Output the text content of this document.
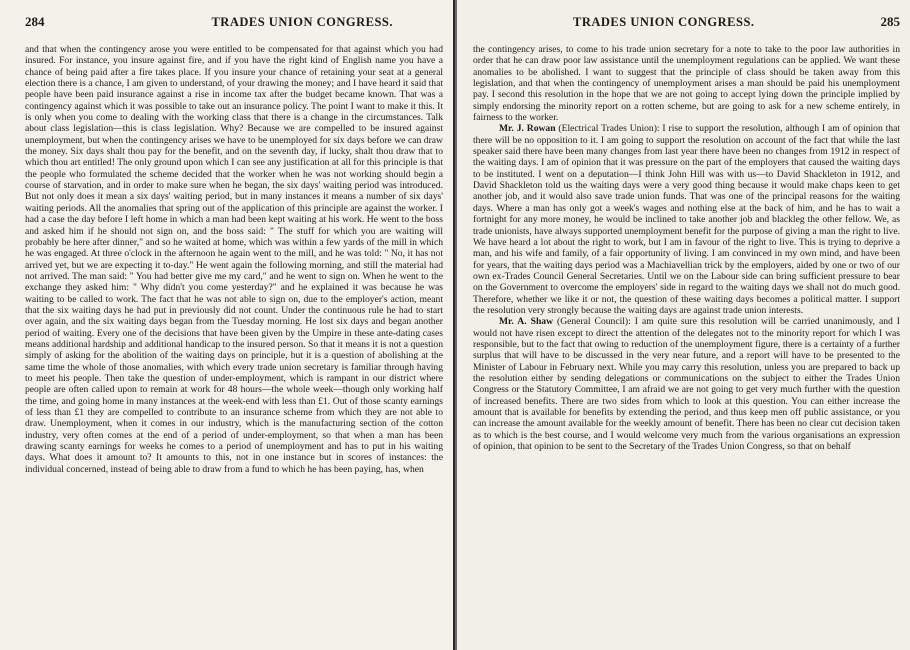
284	TRADES UNION CONGRESS.

and that when the contingency arose you were entitled to be compensated for that against which you had insured. For instance, you insure against fire, and if you have the right kind of English name you have a chance of being paid after a fire takes place. If you insure your chance of retaining your seat at a general election there is a chance, I am given to understand, of your drawing the money; and I have heard it said that people have been paid insurance against a rise in income tax after the budget became known. That was a contingency against which it was possible to take out an insurance policy. The point I want to make it this. It is only when you come to dealing with the working class that there is a change in the circumstances. Talk about class legislation—this is class legislation. Why? Because we are compelled to be insured against unemployment, but when the contingency arises we have to be unemployed for six days before we can draw the money. Six days shalt thou pay for the benefit, and on the seventh day, if lucky, shalt thou draw that to which thou art entitled! The only ground upon which I can see any justification at all for this principle is that the people who formulated the scheme decided that the worker when he was not working should begin a course of starvation, and in order to make sure when he began, the six days' waiting period was introduced. But not only does it mean a six days' waiting period, but in many instances it means a number of six days' waiting periods. All the anomalies that spring out of the application of this principle are against the worker. I had a case the day before I left home in which a man had been kept waiting at his work. He went to the boss and asked him if he should not sign on, and the boss said: " The stuff for which you are waiting will probably be here after dinner," and so he waited at home, which was within a few yards of the mill in which he was engaged. At three o'clock in the afternoon he again went to the mill, and he was told: " No, it has not arrived yet, but we are expecting it to-day." He went again the following morning, and still the material had not arrived. The man said: " You had better give me my card," and he went to sign on. When he went to the exchange they asked him: " Why didn't you come yesterday?" and he explained it was because he was waiting to be called to work. The fact that he was not able to sign on, due to the employer's action, meant that the six waiting days he had put in previously did not count. Under the continuous rule he had to start over again, and the six waiting days began from the Tuesday morning. He lost six days and began another period of waiting. Every one of the decisions that have been given by the Umpire in these ante-dating cases means additional hardship and additional handicap to the insured person. So that it means it is not a question simply of asking for the abolition of the waiting days on principle, but it is a question of abolishing at the same time the whole of those anomalies, with which every trade union secretary is familiar through having to meet his people. Then take the question of under-employment, which is rampant in our district where people are often called upon to remain at work for 48 hours—the whole week—though only working half the time, and going home in many instances at the week-end with less than £1. Out of those scanty earnings of less than £1 they are compelled to contribute to an insurance scheme from which they are not able to draw. Unemployment, when it comes in our industry, which is the manufacturing section of the cotton industry, very often comes at the end of a period of under-employment, so that when a man has been drawing scanty earnings for weeks he comes to a period of unemployment and has to put in his waiting days. What does it amount to? It amounts to this, not in one instance but in scores of instances: the individual concerned, instead of being able to draw from a fund to which he has been paying, has, when

TRADES UNION CONGRESS.	285

the contingency arises, to come to his trade union secretary for a note to take to the poor law authorities in order that he can draw poor law assistance until the unemployment regulations can be applied. We want these anomalies to be abolished. I want to suggest that the principle of class should be taken away from this legislation, and that when the contingency of unemployment arises a man should be paid his unemployment pay. I second this resolution in the hope that we are not going to accept lying down the principle implied by simply endorsing the minority report on a rotten scheme, but are going to ask for a new scheme entirely, in fairness to the worker.

Mr. J. Rowan (Electrical Trades Union): I rise to support the resolution, although I am of opinion that there will be no opposition to it. I am going to support the resolution on account of the fact that while the last speaker said there have been many changes from last year there have been no changes from 1912 in respect of the waiting days. I am of opinion that it was pressure on the part of the employers that caused the waiting days to be instituted. I went on a deputation—I think John Hill was with us—to David Shackleton in 1912, and David Shackleton told us the waiting days were a very good thing because it would make chaps keen to get another job, and it would also save trade union funds. That was one of the principal reasons for the waiting days. Where a man has only got a week's wages and nothing else at the back of him, and he has to wait a fortnight for any more money, he would be inclined to take another job and blackleg the other fellow. We, as trade unionists, have always supported unemployment benefit for the purpose of giving a man the right to live. We have heard a lot about the right to work, but I am in favour of the right to live. This is trying to deprive a man, and his wife and family, of a fair opportunity of living. I am convinced in my own mind, and have been for years, that the waiting days period was a Machiavellian trick by the employers, aided by one or two of our own ex-Trades Council General Secretaries. Until we on the Labour side can bring sufficient pressure to bear on the Government to overcome the employers' side in regard to the waiting days we shall not do much good. Therefore, whether we like it or not, the question of these waiting days becomes a political matter. I support the resolution very strongly because the waiting days are against trade union interests.

Mr. A. Shaw (General Council): I am quite sure this resolution will be carried unanimously, and I would not have risen except to direct the attention of the delegates not to the minority report for which I was responsible, but to the fact that owing to reduction of the unemployment figure, there is a certainty of a further surplus that will have to be discussed in the very near future, and a report will have to be presented to the Minister of Labour in February next. While you may carry this resolution, unless you are prepared to back up the resolution either by sending delegations or communications on the subject to either the Trades Union Congress or the Statutory Committee, I am afraid we are not going to get very much further with the question of increased benefits. There are two sides from which to look at this question. You can either increase the amount that is available for benefits by extending the period, and thus keep men off public assistance, or you can increase the amount available for the weekly amount of benefit. There has been no clear cut decision taken as to which is the best course, and I would welcome very much from the various organisations an expression of opinion, that opinion to be sent to the Secretary of the Trades Union Congress, so that on behalf
